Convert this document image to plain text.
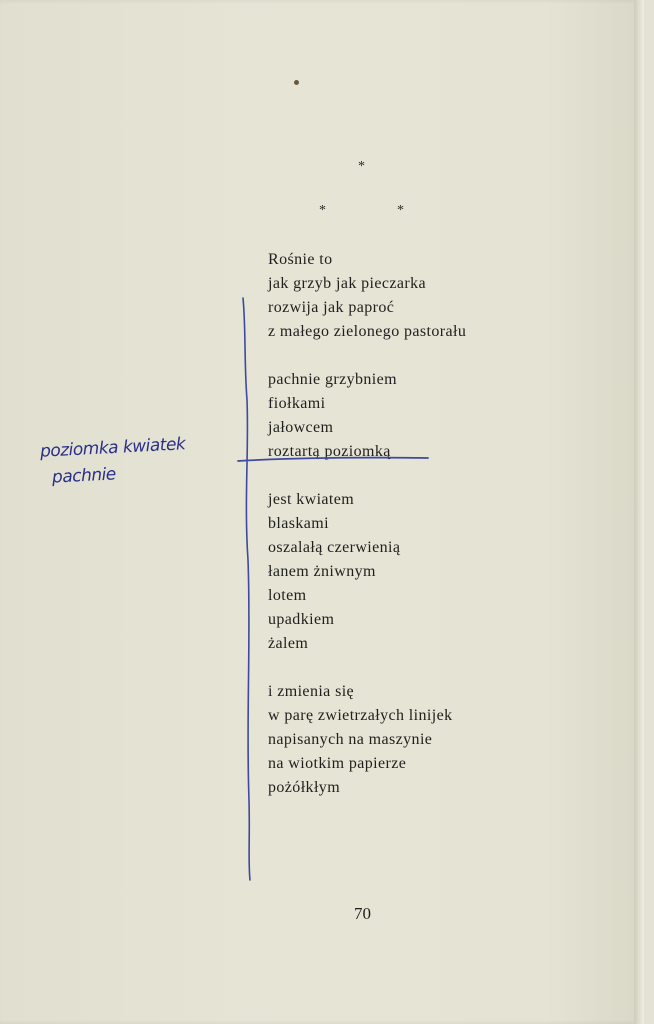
*
*	*
Rośnie to
jak grzyb jak pieczarka
rozwija jak paproć
z małego zielonego pastorału
pachnie grzybniem
fiołkami
jałowcem
roztartą poziomką
jest kwiatem
blaskami
oszalałą czerwienią
łanem żniwnym
lotem
upadkiem
żalem
i zmienia się
w parę zwietrzałych linijek
napisanych na maszynie
na wiotkim papierze
pożółkłym
poziomka kwiatek
pachnie
70
